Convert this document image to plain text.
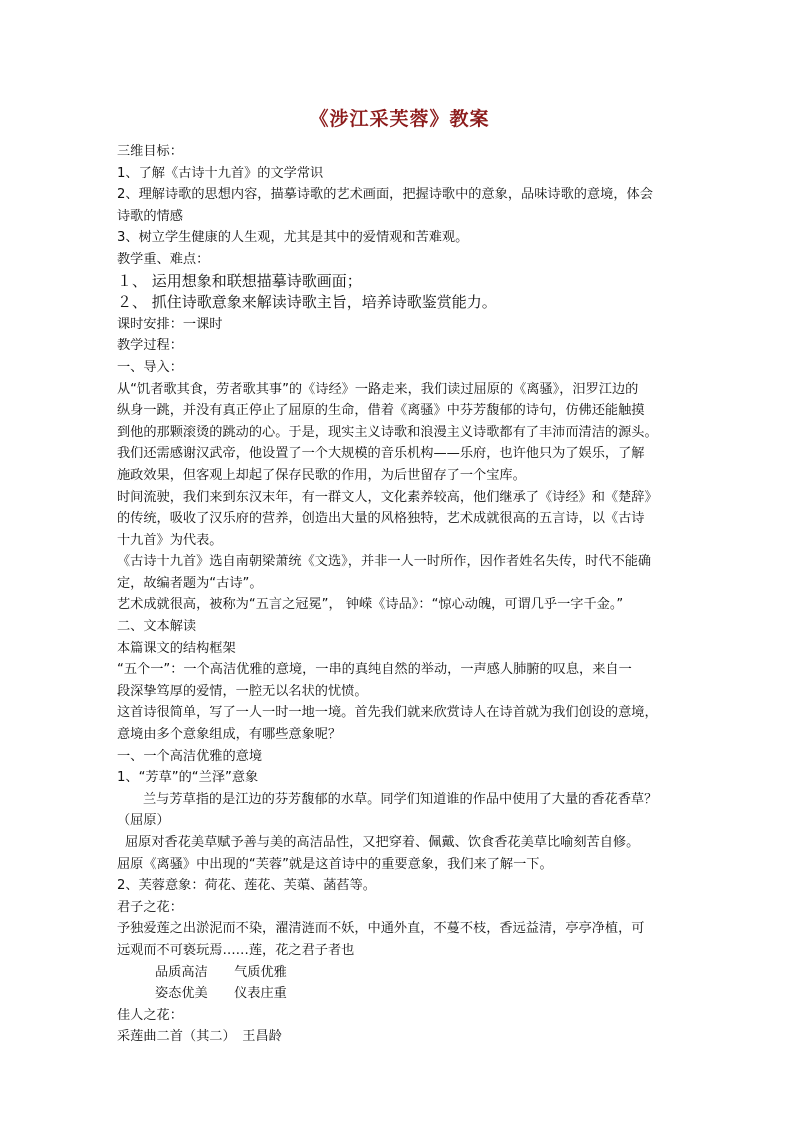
《涉江采芙蓉》教案
三维目标：
1、了解《古诗十九首》的文学常识
2、理解诗歌的思想内容，描摹诗歌的艺术画面，把握诗歌中的意象，品味诗歌的意境，体会
诗歌的情感
3、树立学生健康的人生观，尤其是其中的爱情观和苦难观。
教学重、难点：
１、 运用想象和联想描摹诗歌画面；
２、 抓住诗歌意象来解读诗歌主旨，培养诗歌鉴赏能力。
课时安排：一课时
教学过程：
一、导入：
从“饥者歌其食，劳者歌其事”的《诗经》一路走来，我们读过屈原的《离骚》，汨罗江边的
纵身一跳，并没有真正停止了屈原的生命，借着《离骚》中芬芳馥郁的诗句，仿佛还能触摸
到他的那颗滚烫的跳动的心。于是，现实主义诗歌和浪漫主义诗歌都有了丰沛而清洁的源头。
我们还需感谢汉武帝，他设置了一个大规模的音乐机构——乐府，也许他只为了娱乐，了解
施政效果，但客观上却起了保存民歌的作用，为后世留存了一个宝库。
时间流驶，我们来到东汉末年，有一群文人，文化素养较高，他们继承了《诗经》和《楚辞》
的传统，吸收了汉乐府的营养，创造出大量的风格独特，艺术成就很高的五言诗，以《古诗
十九首》为代表。
《古诗十九首》选自南朝梁萧统《文选》，并非一人一时所作，因作者姓名失传，时代不能确
定，故编者题为“古诗”。
艺术成就很高，被称为“五言之冠冕”， 钟嵘《诗品》：“惊心动魄，可谓几乎一字千金。”
二、文本解读
本篇课文的结构框架
“五个一”：一个高洁优雅的意境，一串的真纯自然的举动，一声感人肺腑的叹息，来自一
段深挚笃厚的爱情，一腔无以名状的忧愤。
这首诗很简单，写了一人一时一地一境。首先我们就来欣赏诗人在诗首就为我们创设的意境，
意境由多个意象组成，有哪些意象呢？
一、一个高洁优雅的意境
1、“芳草”的“兰泽”意象
兰与芳草指的是江边的芬芳馥郁的水草。同学们知道谁的作品中使用了大量的香花香草？
（屈原）
屈原对香花美草赋予善与美的高洁品性，又把穿着、佩戴、饮食香花美草比喻刻苦自修。
屈原《离骚》中出现的“芙蓉”就是这首诗中的重要意象，我们来了解一下。
2、芙蓉意象：荷花、莲花、芙蕖、菡萏等。
君子之花：
予独爱莲之出淤泥而不染，濯清涟而不妖，中通外直，不蔓不枝，香远益清，亭亭净植，可
远观而不可亵玩焉……莲，花之君子者也
品质高洁　　气质优雅
姿态优美　　仪表庄重
佳人之花：
采莲曲二首（其二）　王昌龄
